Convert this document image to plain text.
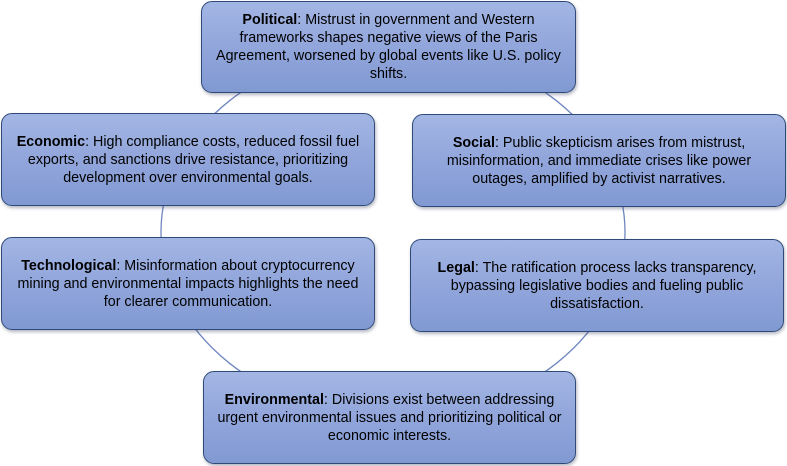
Political: Mistrust in government and Western frameworks shapes negative views of the Paris Agreement, worsened by global events like U.S. policy shifts.
Economic: High compliance costs, reduced fossil fuel exports, and sanctions drive resistance, prioritizing development over environmental goals.
Social: Public skepticism arises from mistrust, misinformation, and immediate crises like power outages, amplified by activist narratives.
Technological: Misinformation about cryptocurrency mining and environmental impacts highlights the need for clearer communication.
Legal: The ratification process lacks transparency, bypassing legislative bodies and fueling public dissatisfaction.
Environmental: Divisions exist between addressing urgent environmental issues and prioritizing political or economic interests.
